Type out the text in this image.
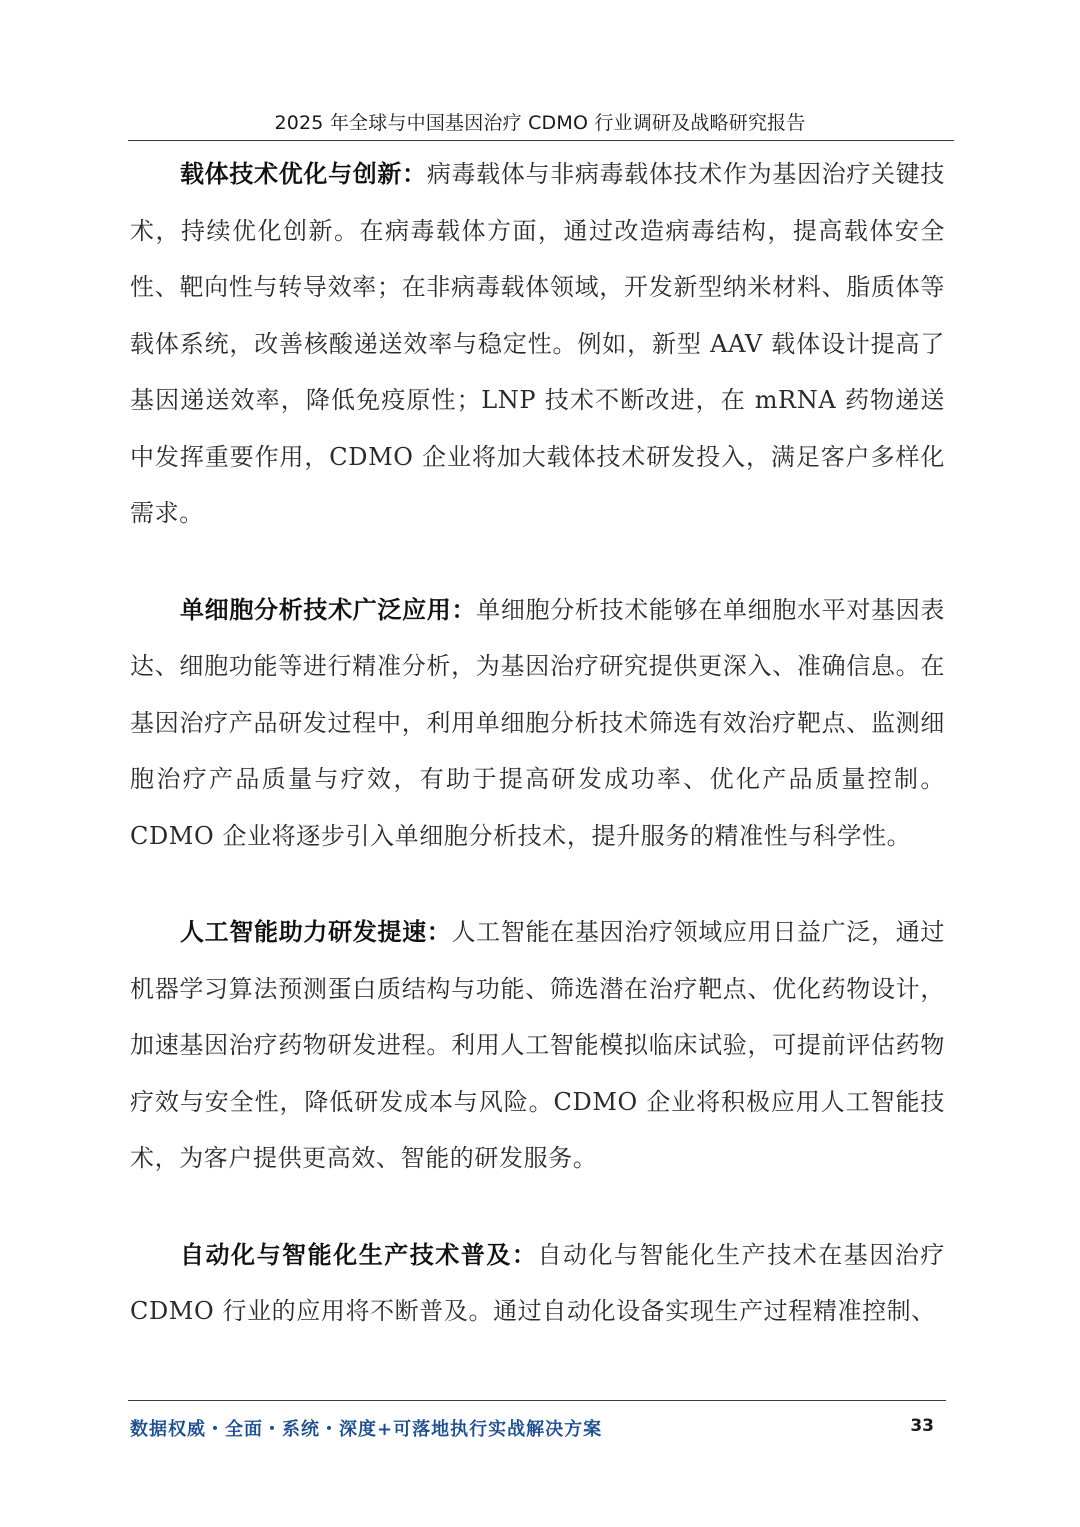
2025 年全球与中国基因治疗 CDMO 行业调研及战略研究报告

载体技术优化与创新：病毒载体与非病毒载体技术作为基因治疗关键技术，持续优化创新。在病毒载体方面，通过改造病毒结构，提高载体安全性、靶向性与转导效率；在非病毒载体领域，开发新型纳米材料、脂质体等载体系统，改善核酸递送效率与稳定性。例如，新型 AAV 载体设计提高了基因递送效率，降低免疫原性；LNP 技术不断改进，在 mRNA 药物递送中发挥重要作用，CDMO 企业将加大载体技术研发投入，满足客户多样化需求。

单细胞分析技术广泛应用：单细胞分析技术能够在单细胞水平对基因表达、细胞功能等进行精准分析，为基因治疗研究提供更深入、准确信息。在基因治疗产品研发过程中，利用单细胞分析技术筛选有效治疗靶点、监测细胞治疗产品质量与疗效，有助于提高研发成功率、优化产品质量控制。CDMO 企业将逐步引入单细胞分析技术，提升服务的精准性与科学性。

人工智能助力研发提速：人工智能在基因治疗领域应用日益广泛，通过机器学习算法预测蛋白质结构与功能、筛选潜在治疗靶点、优化药物设计，加速基因治疗药物研发进程。利用人工智能模拟临床试验，可提前评估药物疗效与安全性，降低研发成本与风险。CDMO 企业将积极应用人工智能技术，为客户提供更高效、智能的研发服务。

自动化与智能化生产技术普及：自动化与智能化生产技术在基因治疗 CDMO 行业的应用将不断普及。通过自动化设备实现生产过程精准控制、

数据权威・全面・系统・深度+可落地执行实战解决方案	33
